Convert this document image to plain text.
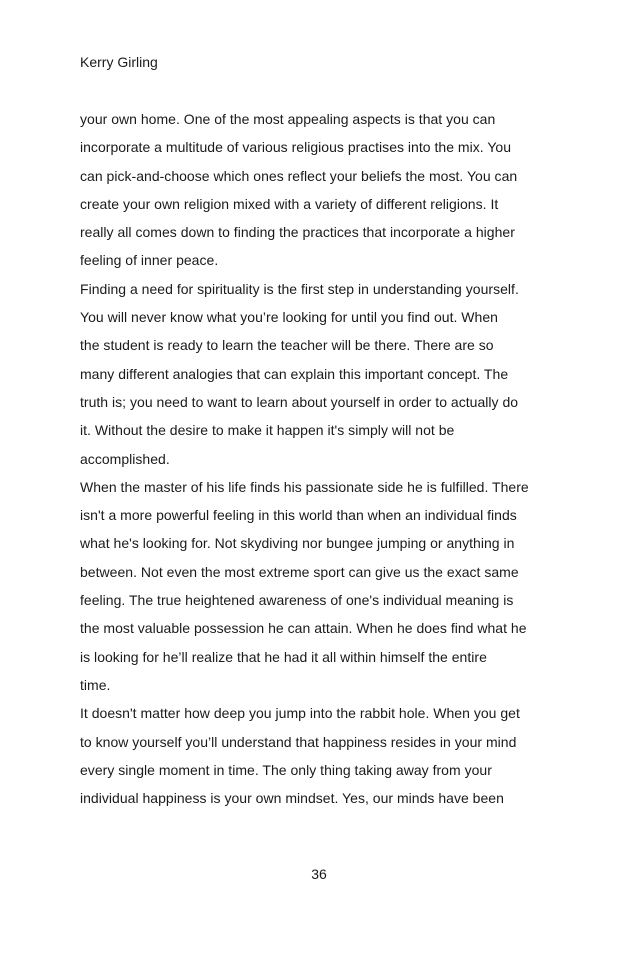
Kerry Girling
your own home. One of the most appealing aspects is that you can
incorporate a multitude of various religious practises into the mix. You
can pick-and-choose which ones reflect your beliefs the most. You can
create your own religion mixed with a variety of different religions. It
really all comes down to finding the practices that incorporate a higher
feeling of inner peace.
Finding a need for spirituality is the first step in understanding yourself.
You will never know what you’re looking for until you find out. When
the student is ready to learn the teacher will be there. There are so
many different analogies that can explain this important concept. The
truth is; you need to want to learn about yourself in order to actually do
it. Without the desire to make it happen it's simply will not be
accomplished.
When the master of his life finds his passionate side he is fulfilled. There
isn't a more powerful feeling in this world than when an individual finds
what he's looking for. Not skydiving nor bungee jumping or anything in
between. Not even the most extreme sport can give us the exact same
feeling. The true heightened awareness of one's individual meaning is
the most valuable possession he can attain. When he does find what he
is looking for he’ll realize that he had it all within himself the entire
time.
It doesn't matter how deep you jump into the rabbit hole. When you get
to know yourself you’ll understand that happiness resides in your mind
every single moment in time. The only thing taking away from your
individual happiness is your own mindset. Yes, our minds have been
36
